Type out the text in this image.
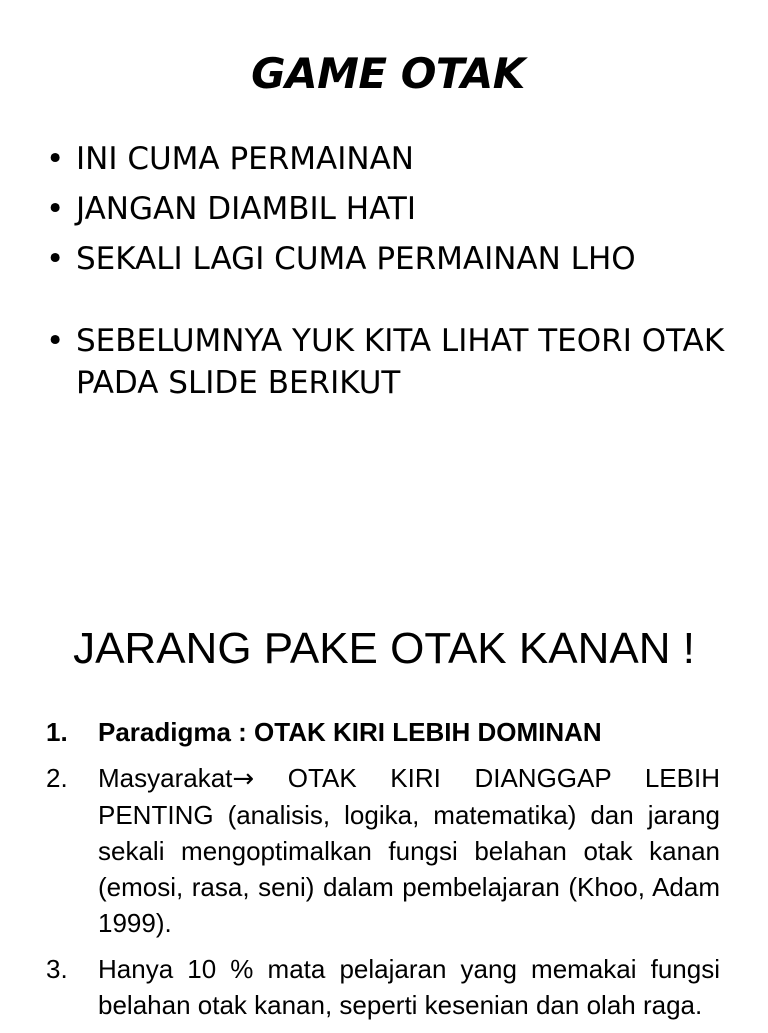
GAME OTAK
• INI CUMA PERMAINAN
• JANGAN DIAMBIL HATI
• SEKALI LAGI CUMA PERMAINAN LHO
• SEBELUMNYA YUK KITA LIHAT TEORI OTAK PADA SLIDE BERIKUT
JARANG PAKE OTAK KANAN !
1.	Paradigma : OTAK KIRI LEBIH DOMINAN
2.	Masyarakat→ OTAK KIRI DIANGGAP LEBIH PENTING (analisis, logika, matematika) dan jarang sekali mengoptimalkan fungsi belahan otak kanan (emosi, rasa, seni) dalam pembelajaran (Khoo, Adam 1999).
3.	Hanya 10 % mata pelajaran yang memakai fungsi belahan otak kanan, seperti kesenian dan olah raga.
